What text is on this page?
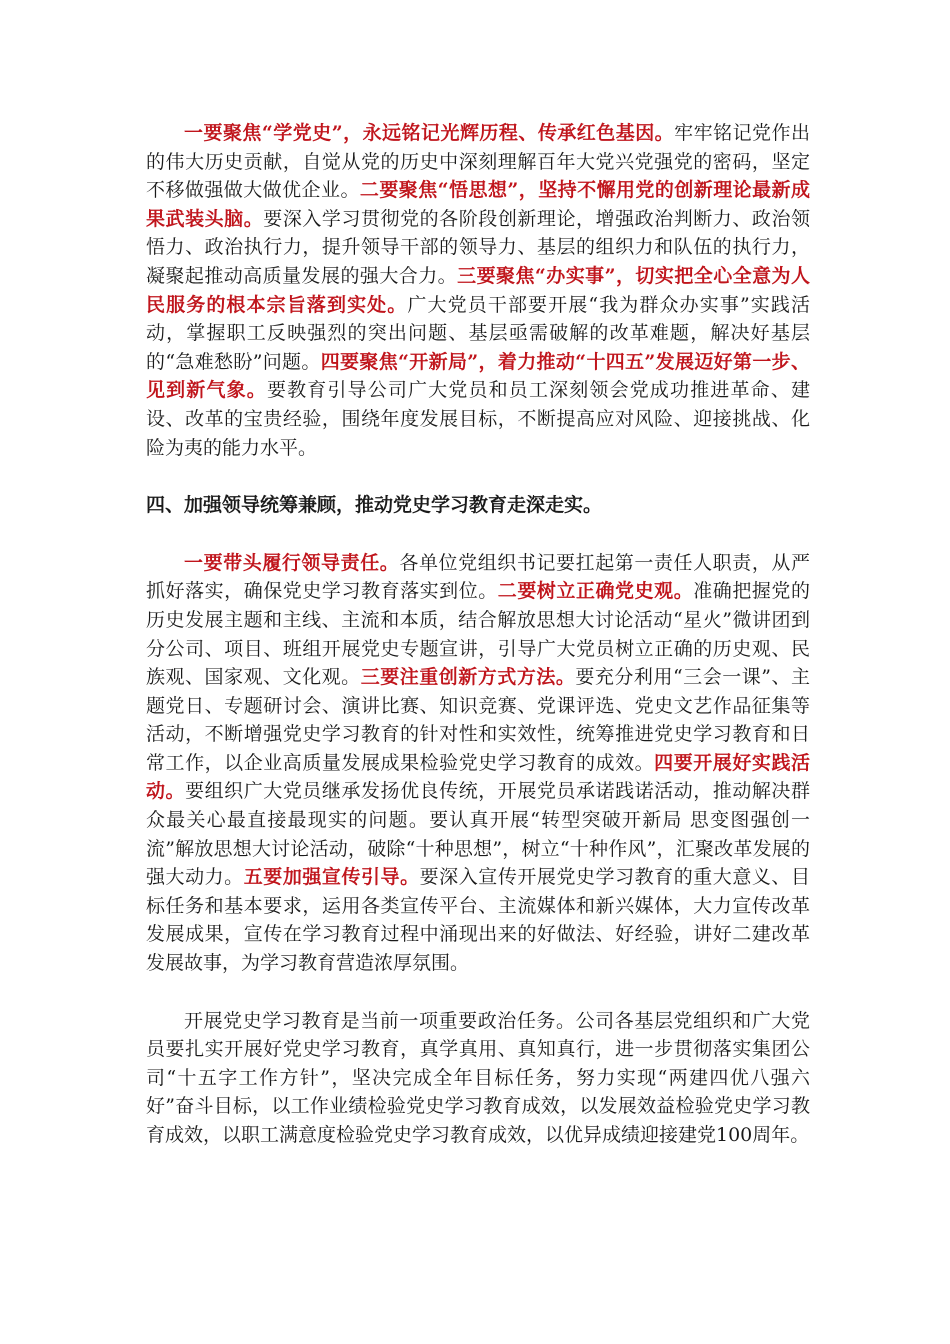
一要聚焦“学党史”，永远铭记光辉历程、传承红色基因。牢牢铭记党作出的伟大历史贡献，自觉从党的历史中深刻理解百年大党兴党强党的密码，坚定不移做强做大做优企业。二要聚焦“悟思想”，坚持不懈用党的创新理论最新成果武装头脑。要深入学习贯彻党的各阶段创新理论，增强政治判断力、政治领悟力、政治执行力，提升领导干部的领导力、基层的组织力和队伍的执行力，凝聚起推动高质量发展的强大合力。三要聚焦“办实事”，切实把全心全意为人民服务的根本宗旨落到实处。广大党员干部要开展“我为群众办实事”实践活动，掌握职工反映强烈的突出问题、基层亟需破解的改革难题，解决好基层的“急难愁盼”问题。四要聚焦“开新局”，着力推动“十四五”发展迈好第一步、见到新气象。要教育引导公司广大党员和员工深刻领会党成功推进革命、建设、改革的宝贵经验，围绕年度发展目标，不断提高应对风险、迎接挑战、化险为夷的能力水平。

四、加强领导统筹兼顾，推动党史学习教育走深走实。

一要带头履行领导责任。各单位党组织书记要扛起第一责任人职责，从严抓好落实，确保党史学习教育落实到位。二要树立正确党史观。准确把握党的历史发展主题和主线、主流和本质，结合解放思想大讨论活动“星火”微讲团到分公司、项目、班组开展党史专题宣讲，引导广大党员树立正确的历史观、民族观、国家观、文化观。三要注重创新方式方法。要充分利用“三会一课”、主题党日、专题研讨会、演讲比赛、知识竞赛、党课评选、党史文艺作品征集等活动，不断增强党史学习教育的针对性和实效性，统筹推进党史学习教育和日常工作，以企业高质量发展成果检验党史学习教育的成效。四要开展好实践活动。要组织广大党员继承发扬优良传统，开展党员承诺践诺活动，推动解决群众最关心最直接最现实的问题。要认真开展“转型突破开新局 思变图强创一流”解放思想大讨论活动，破除“十种思想”，树立“十种作风”，汇聚改革发展的强大动力。五要加强宣传引导。要深入宣传开展党史学习教育的重大意义、目标任务和基本要求，运用各类宣传平台、主流媒体和新兴媒体，大力宣传改革发展成果，宣传在学习教育过程中涌现出来的好做法、好经验，讲好二建改革发展故事，为学习教育营造浓厚氛围。

开展党史学习教育是当前一项重要政治任务。公司各基层党组织和广大党员要扎实开展好党史学习教育，真学真用、真知真行，进一步贯彻落实集团公司“十五字工作方针”，坚决完成全年目标任务，努力实现“两建四优八强六好”奋斗目标，以工作业绩检验党史学习教育成效，以发展效益检验党史学习教育成效，以职工满意度检验党史学习教育成效，以优异成绩迎接建党100周年。
